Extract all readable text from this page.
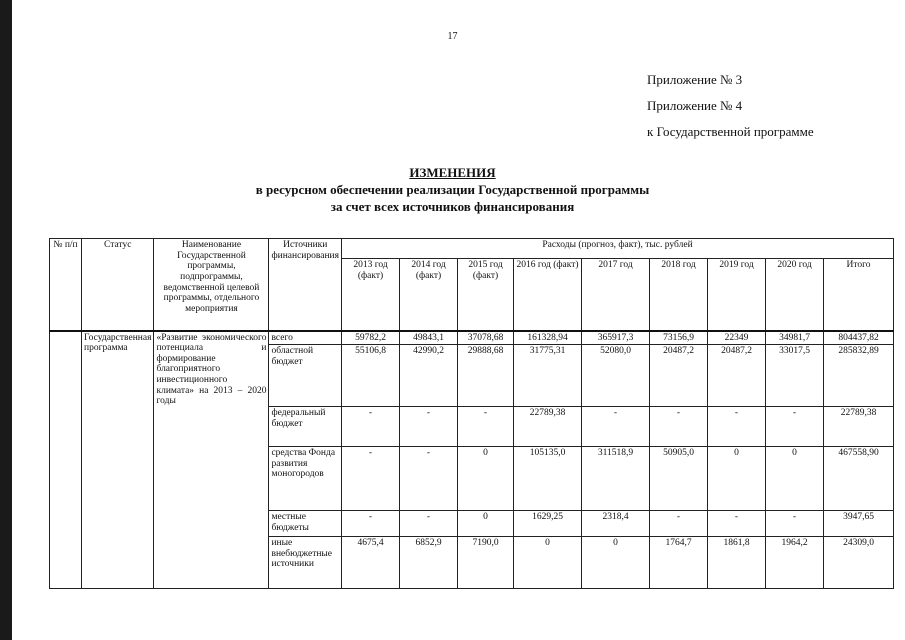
17
Приложение № 3
Приложение № 4
к Государственной программе
ИЗМЕНЕНИЯ
в ресурсном обеспечении реализации Государственной программы
за счет всех источников финансирования
№ п/п	Статус	Наименование Государственной программы, подпрограммы, ведомственной целевой программы, отдельного мероприятия	Источники финансирования	Расходы (прогноз, факт), тыс. рублей								
				2013 год (факт)	2014 год (факт)	2015 год (факт)	2016 год (факт)	2017 год	2018 год	2019 год	2020 год	Итого
	Государственная программа	«Развитие экономического потенциала и формирование благоприятного инвестиционного климата» на 2013 – 2020 годы	всего	59782,2	49843,1	37078,68	161328,94	365917,3	73156,9	22349	34981,7	804437,82
			областной бюджет	55106,8	42990,2	29888,68	31775,31	52080,0	20487,2	20487,2	33017,5	285832,89
			федеральный бюджет	-	-	-	22789,38	-	-	-	-	22789,38
			средства Фонда развития моногородов	-	-	0	105135,0	311518,9	50905,0	0	0	467558,90
			местные бюджеты	-	-	0	1629,25	2318,4	-	-	-	3947,65
			иные внебюджетные источники	4675,4	6852,9	7190,0	0	0	1764,7	1861,8	1964,2	24309,0
